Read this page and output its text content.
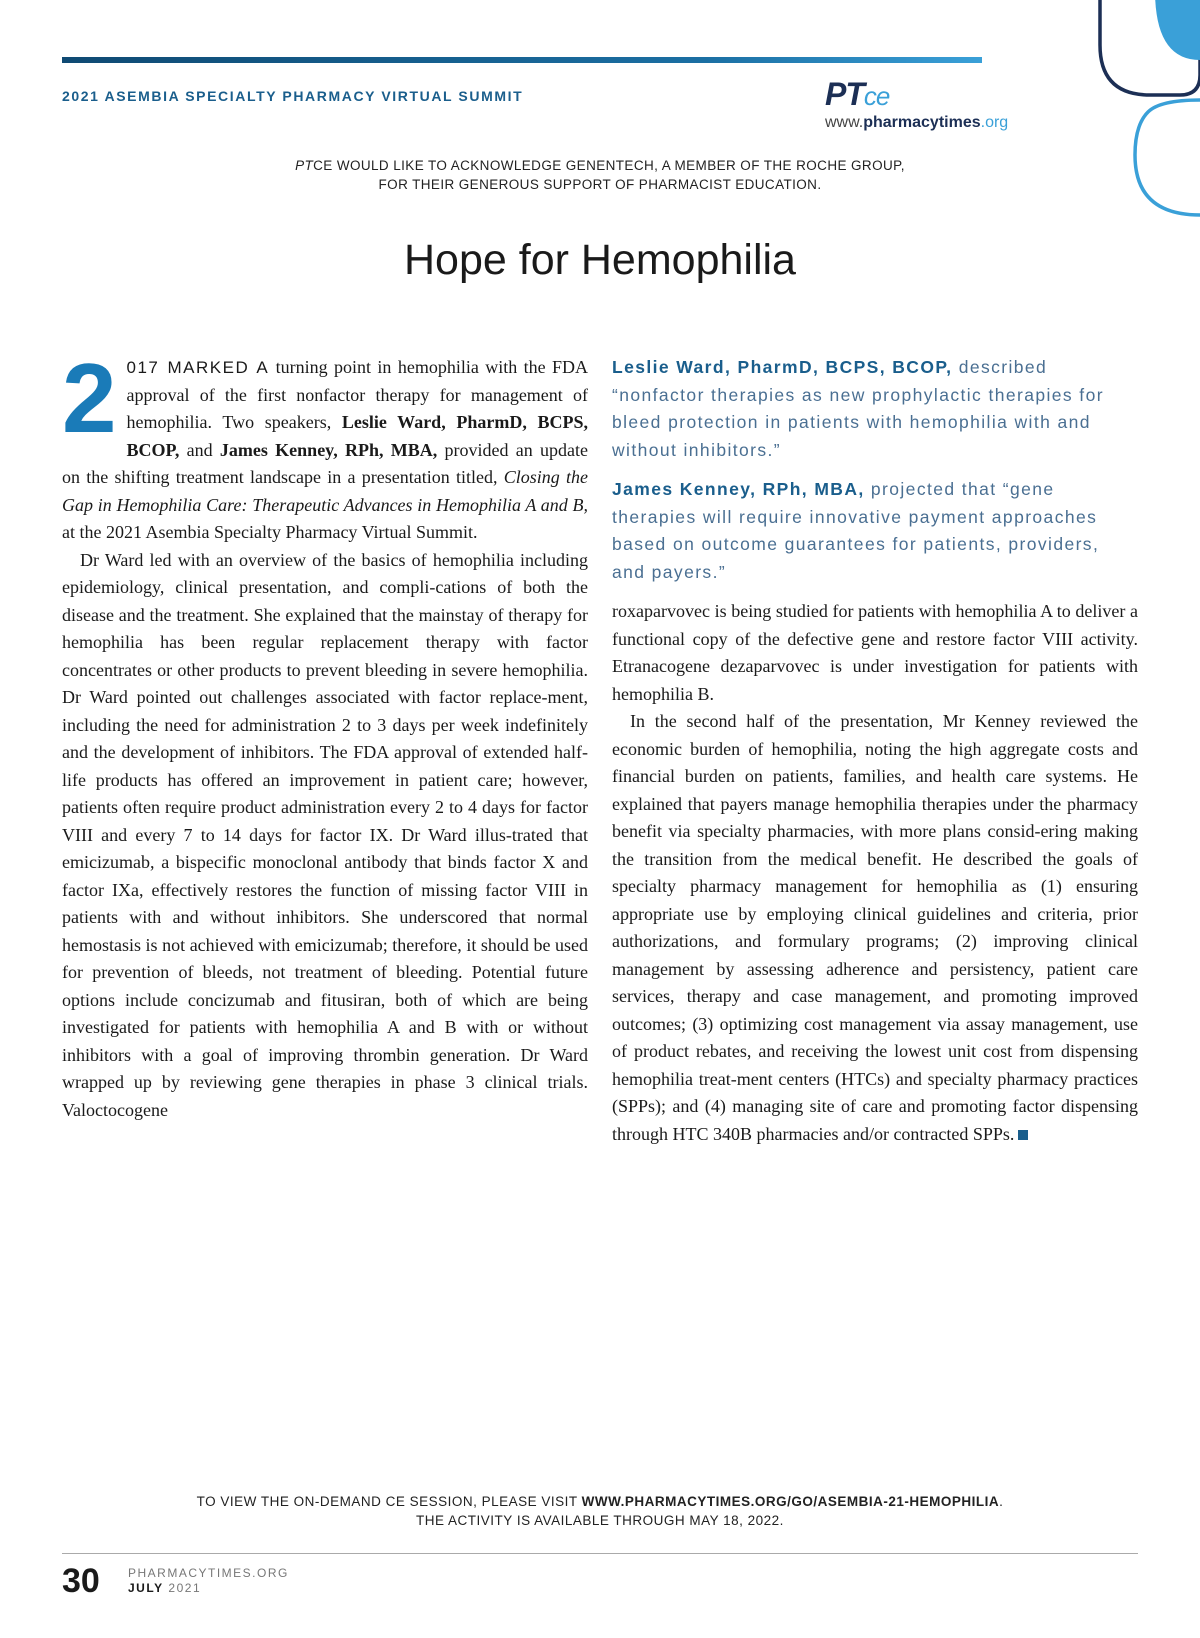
2021 ASEMBIA SPECIALTY PHARMACY VIRTUAL SUMMIT	PTce
www.pharmacytimes.org
PTCE WOULD LIKE TO ACKNOWLEDGE GENENTECH, A MEMBER OF THE ROCHE GROUP,
FOR THEIR GENEROUS SUPPORT OF PHARMACIST EDUCATION.
Hope for Hemophilia

2 017 MARKED A turning point in hemophilia with the FDA approval of the first nonfactor therapy for management of hemophilia. Two speakers, Leslie Ward, PharmD, BCPS, BCOP, and James Kenney, RPh, MBA, provided an update on the shifting treatment landscape in a presentation titled, Closing the Gap in Hemophilia Care: Therapeutic Advances in Hemophilia A and B, at the 2021 Asembia Specialty Pharmacy Virtual Summit.

Dr Ward led with an overview of the basics of hemophilia including epidemiology, clinical presentation, and compli-cations of both the disease and the treatment. She explained that the mainstay of therapy for hemophilia has been regular replacement therapy with factor concentrates or other products to prevent bleeding in severe hemophilia. Dr Ward pointed out challenges associated with factor replace-ment, including the need for administration 2 to 3 days per week indefinitely and the development of inhibitors. The FDA approval of extended half-life products has offered an improvement in patient care; however, patients often require product administration every 2 to 4 days for factor VIII and every 7 to 14 days for factor IX. Dr Ward illus-trated that emicizumab, a bispecific monoclonal antibody that binds factor X and factor IXa, effectively restores the function of missing factor VIII in patients with and without inhibitors. She underscored that normal hemostasis is not achieved with emicizumab; therefore, it should be used for prevention of bleeds, not treatment of bleeding. Potential future options include concizumab and fitusiran, both of which are being investigated for patients with hemophilia A and B with or without inhibitors with a goal of improving thrombin generation. Dr Ward wrapped up by reviewing gene therapies in phase 3 clinical trials. Valoctocogene

Leslie Ward, PharmD, BCPS, BCOP, described “nonfactor therapies as new prophylactic therapies for bleed protection in patients with hemophilia with and without inhibitors.”

James Kenney, RPh, MBA, projected that “gene therapies will require innovative payment approaches based on outcome guarantees for patients, providers, and payers.”

roxaparvovec is being studied for patients with hemophilia A to deliver a functional copy of the defective gene and restore factor VIII activity. Etranacogene dezaparvovec is under investigation for patients with hemophilia B.

In the second half of the presentation, Mr Kenney reviewed the economic burden of hemophilia, noting the high aggregate costs and financial burden on patients, families, and health care systems. He explained that payers manage hemophilia therapies under the pharmacy benefit via specialty pharmacies, with more plans consid-ering making the transition from the medical benefit. He described the goals of specialty pharmacy management for hemophilia as (1) ensuring appropriate use by employing clinical guidelines and criteria, prior authorizations, and formulary programs; (2) improving clinical management by assessing adherence and persistency, patient care services, therapy and case management, and promoting improved outcomes; (3) optimizing cost management via assay management, use of product rebates, and receiving the lowest unit cost from dispensing hemophilia treat-ment centers (HTCs) and specialty pharmacy practices (SPPs); and (4) managing site of care and promoting factor dispensing through HTC 340B pharmacies and/or contracted SPPs.

TO VIEW THE ON-DEMAND CE SESSION, PLEASE VISIT WWW.PHARMACYTIMES.ORG/GO/ASEMBIA-21-HEMOPHILIA.
THE ACTIVITY IS AVAILABLE THROUGH MAY 18, 2022.
30 PHARMACYTIMES.ORG
JULY 2021
